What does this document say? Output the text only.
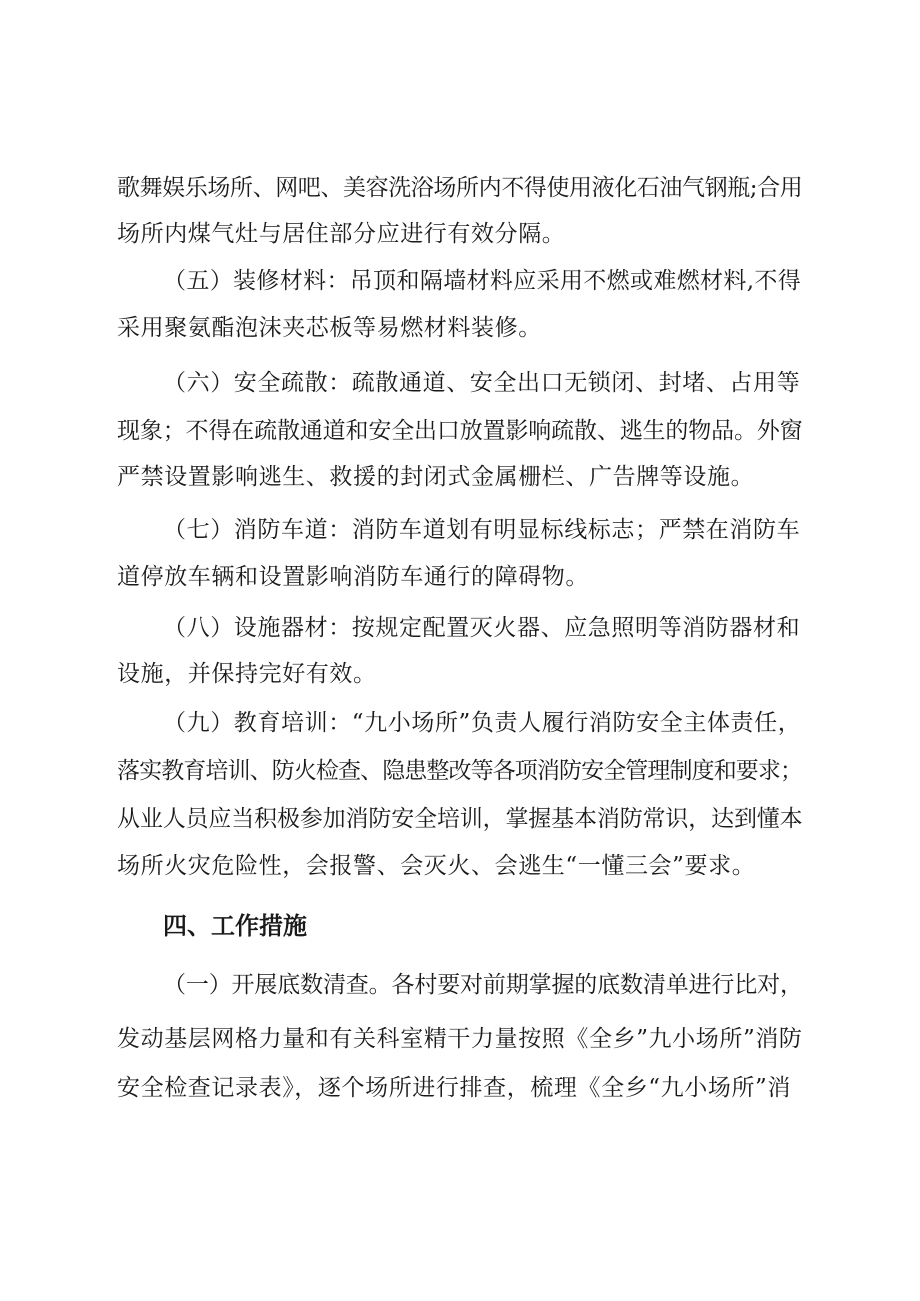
歌舞娱乐场所、网吧、美容洗浴场所内不得使用液化石油气钢瓶;合用
场所内煤气灶与居住部分应进行有效分隔。
（五）装修材料：吊顶和隔墙材料应采用不燃或难燃材料,不得
采用聚氨酯泡沫夹芯板等易燃材料装修。
（六）安全疏散：疏散通道、安全出口无锁闭、封堵、占用等
现象；不得在疏散通道和安全出口放置影响疏散、逃生的物品。外窗
严禁设置影响逃生、救援的封闭式金属栅栏、广告牌等设施。
（七）消防车道：消防车道划有明显标线标志；严禁在消防车
道停放车辆和设置影响消防车通行的障碍物。
（八）设施器材：按规定配置灭火器、应急照明等消防器材和
设施，并保持完好有效。
（九）教育培训：“九小场所”负责人履行消防安全主体责任，
落实教育培训、防火检查、隐患整改等各项消防安全管理制度和要求；
从业人员应当积极参加消防安全培训，掌握基本消防常识，达到懂本
场所火灾危险性，会报警、会灭火、会逃生“一懂三会”要求。
四、工作措施
（一）开展底数清查。各村要对前期掌握的底数清单进行比对，
发动基层网格力量和有关科室精干力量按照《全乡”九小场所”消防
安全检查记录表》，逐个场所进行排查，梳理《全乡“九小场所”消
